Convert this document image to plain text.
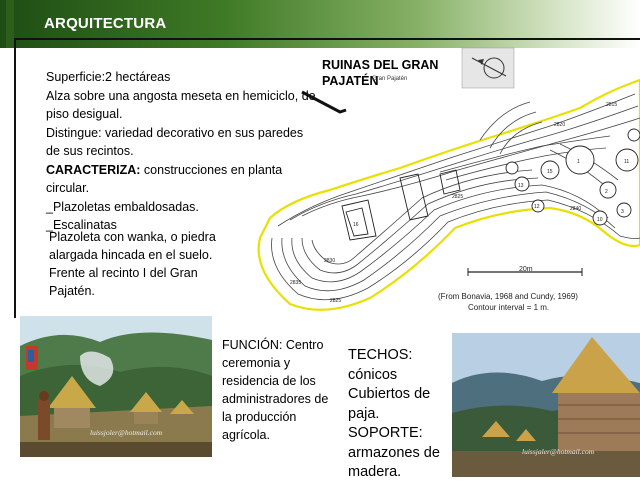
ARQUITECTURA

Superficie:2 hectáreas

Alza sobre una angosta meseta en hemiciclo, de piso desigual.

Distingue: variedad decorativo en sus paredes de sus recintos.

CARACTERIZA: construcciones en planta circular.

_Plazoletas embaldosadas.

_Escalinatas

Plazoleta con wanka, o piedra alargada hincada en el suelo. Frente al recinto I del Gran Pajatén.
RUINAS DEL GRAN PAJATÉN
Gran Pajatén
2830
2835
2840
2825
2820
2815
2825
16
13
12
15
1
2
3
10
11
20m
(From Bonavia, 1968 and Cundy, 1969)
Contour interval = 1 m.
luissjoler@hotmail.com
FUNCIÓN: Centro ceremonia y residencia de los administradores de la producción agrícola.
TECHOS: cónicos Cubiertos de paja. SOPORTE: armazones de madera.
luissjaler@hotmail.com
